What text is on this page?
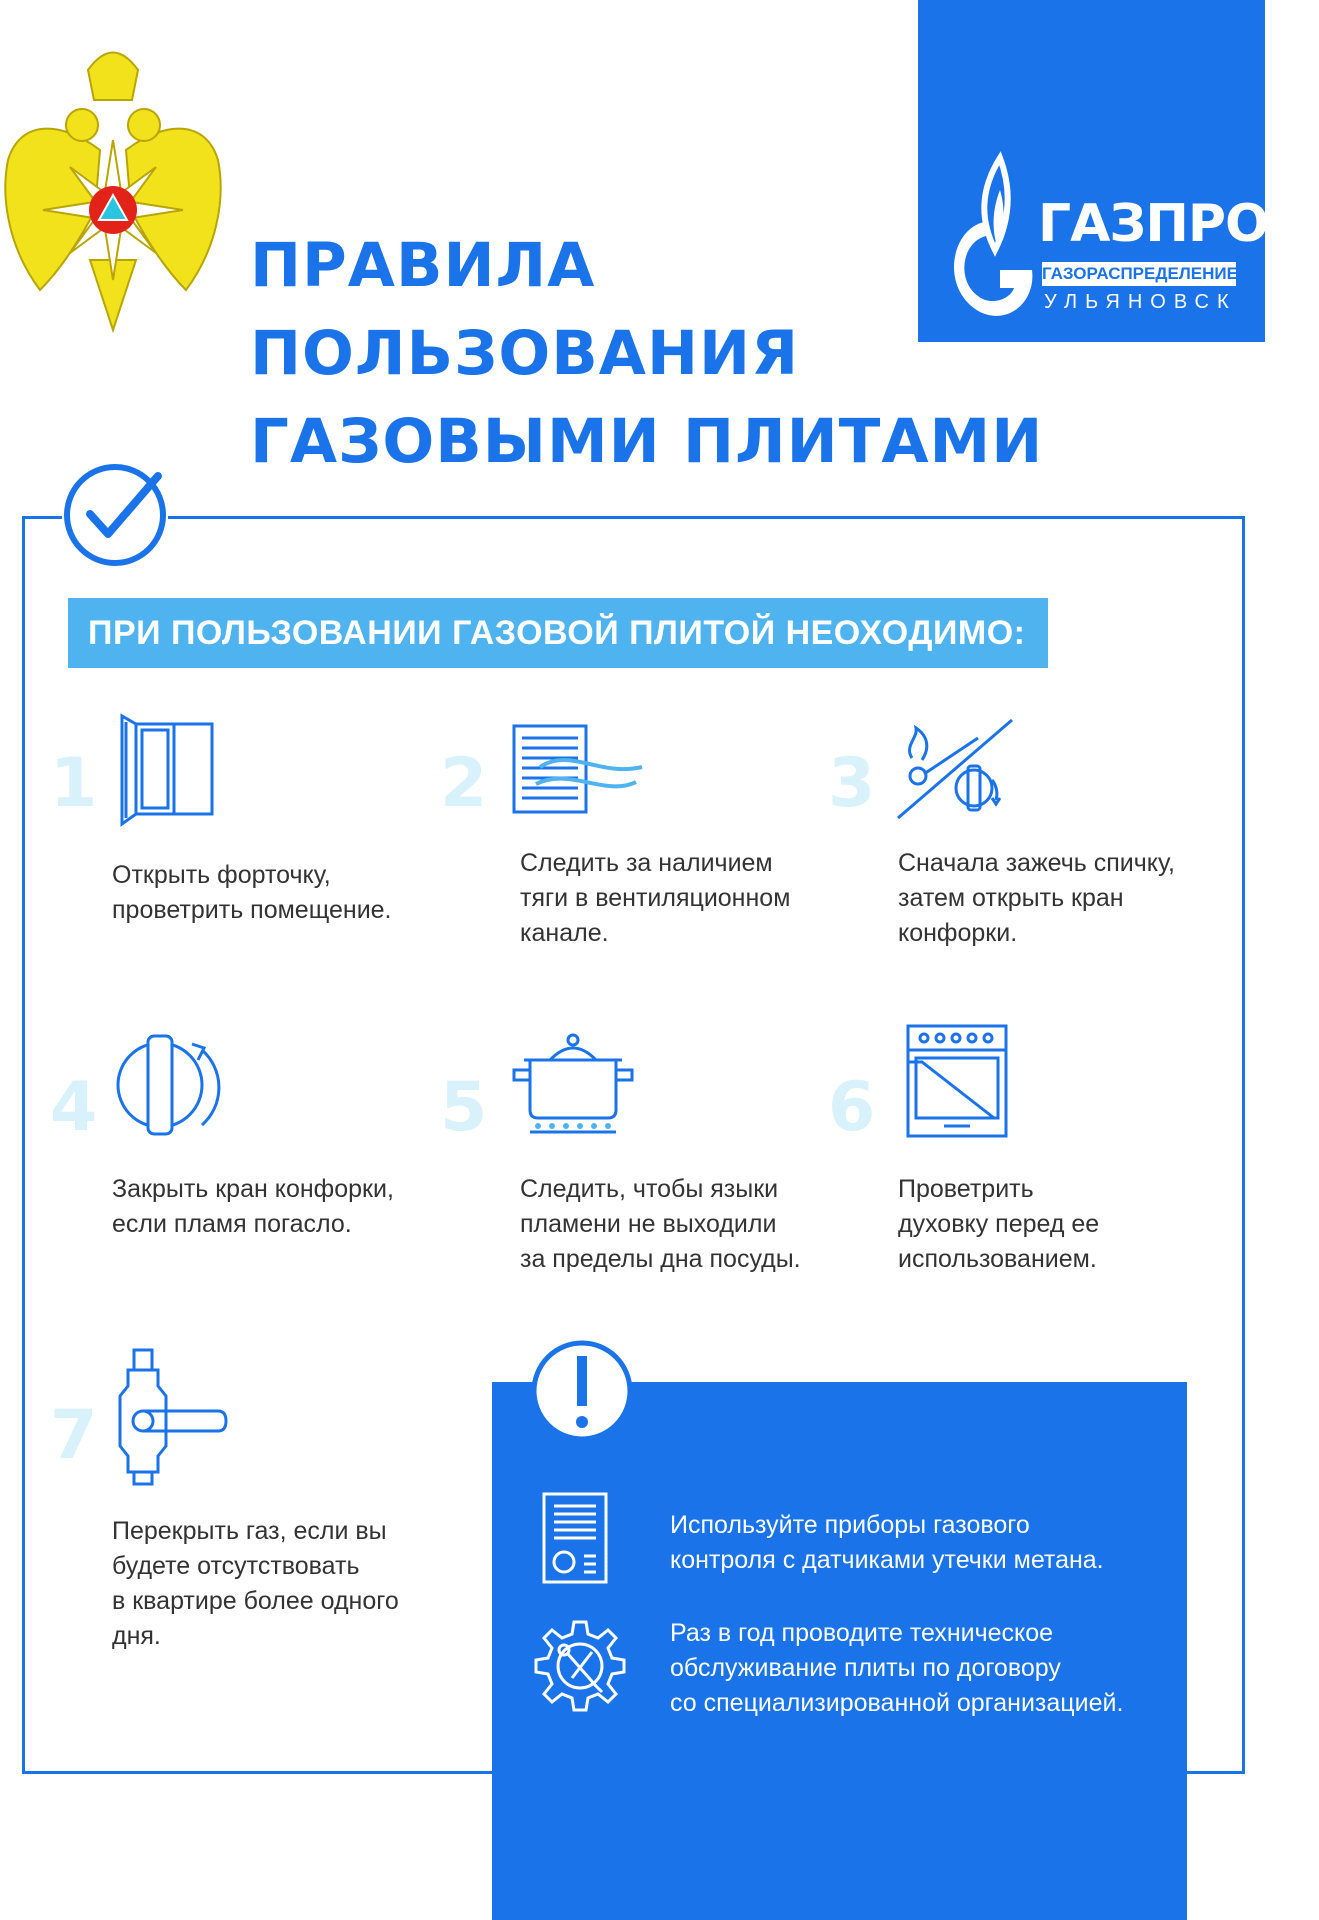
ПРАВИЛА
ПОЛЬЗОВАНИЯ
ГАЗОВЫМИ ПЛИТАМИ
ГАЗПРОМ
ГАЗОРАСПРЕДЕЛЕНИЕ
УЛЬЯНОВСК
ПРИ ПОЛЬЗОВАНИИ ГАЗОВОЙ ПЛИТОЙ НЕОХОДИМО:
1
Открыть форточку,
проветрить помещение.
2
Следить за наличием
тяги в вентиляционном
канале.
3
Сначала зажечь спичку,
затем открыть кран
конфорки.
4
Закрыть кран конфорки,
если пламя погасло.
5
Следить, чтобы языки
пламени не выходили
за пределы дна посуды.
6
Проветрить
духовку перед ее
использованием.
7
Перекрыть газ, если вы
будете отсутствовать
в квартире более одного
дня.
Используйте приборы газового
контроля с датчиками утечки метана.
Раз в год проводите техническое
обслуживание плиты по договору
со специализированной организацией.
